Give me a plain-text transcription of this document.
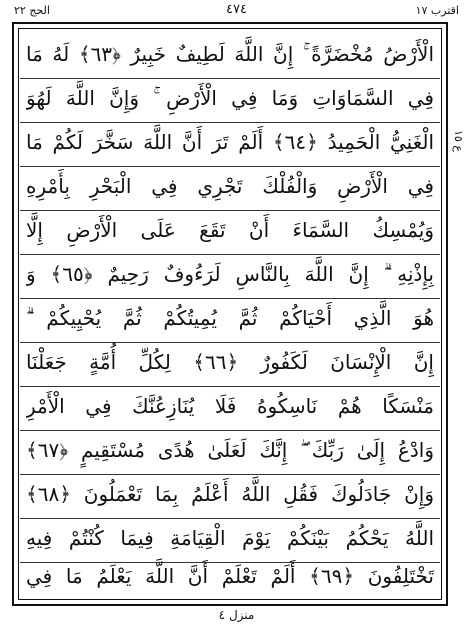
الحج ٢٢	٤٧٤	اقترب ١٧
ع ١٥
الْأَرْضُ مُخْضَرَّةً ۚ إِنَّ اللَّهَ لَطِيفٌ خَبِيرٌ ﴿٦٣﴾ لَهُ مَا
فِي السَّمَاوَاتِ وَمَا فِي الْأَرْضِ ۚ وَإِنَّ اللَّهَ لَهُوَ
الْغَنِيُّ الْحَمِيدُ ﴿٦٤﴾ أَلَمْ تَرَ أَنَّ اللَّهَ سَخَّرَ لَكُمْ مَا
فِي الْأَرْضِ وَالْفُلْكَ تَجْرِي فِي الْبَحْرِ بِأَمْرِهِ
وَيُمْسِكُ السَّمَاءَ أَنْ تَقَعَ عَلَى الْأَرْضِ إِلَّا
بِإِذْنِهِ ۗ إِنَّ اللَّهَ بِالنَّاسِ لَرَءُوفٌ رَحِيمٌ ﴿٦٥﴾ وَ
هُوَ الَّذِي أَحْيَاكُمْ ثُمَّ يُمِيتُكُمْ ثُمَّ يُحْيِيكُمْ ۗ
إِنَّ الْإِنْسَانَ لَكَفُورٌ ﴿٦٦﴾ لِكُلِّ أُمَّةٍ جَعَلْنَا
مَنْسَكًا هُمْ نَاسِكُوهُ فَلَا يُنَازِعُنَّكَ فِي الْأَمْرِ
وَادْعُ إِلَىٰ رَبِّكَ ۖ إِنَّكَ لَعَلَىٰ هُدًى مُسْتَقِيمٍ ﴿٦٧﴾
وَإِنْ جَادَلُوكَ فَقُلِ اللَّهُ أَعْلَمُ بِمَا تَعْمَلُونَ ﴿٦٨﴾
اللَّهُ يَحْكُمُ بَيْنَكُمْ يَوْمَ الْقِيَامَةِ فِيمَا كُنْتُمْ فِيهِ
تَخْتَلِفُونَ ﴿٦٩﴾ أَلَمْ تَعْلَمْ أَنَّ اللَّهَ يَعْلَمُ مَا فِي
منزل ٤
